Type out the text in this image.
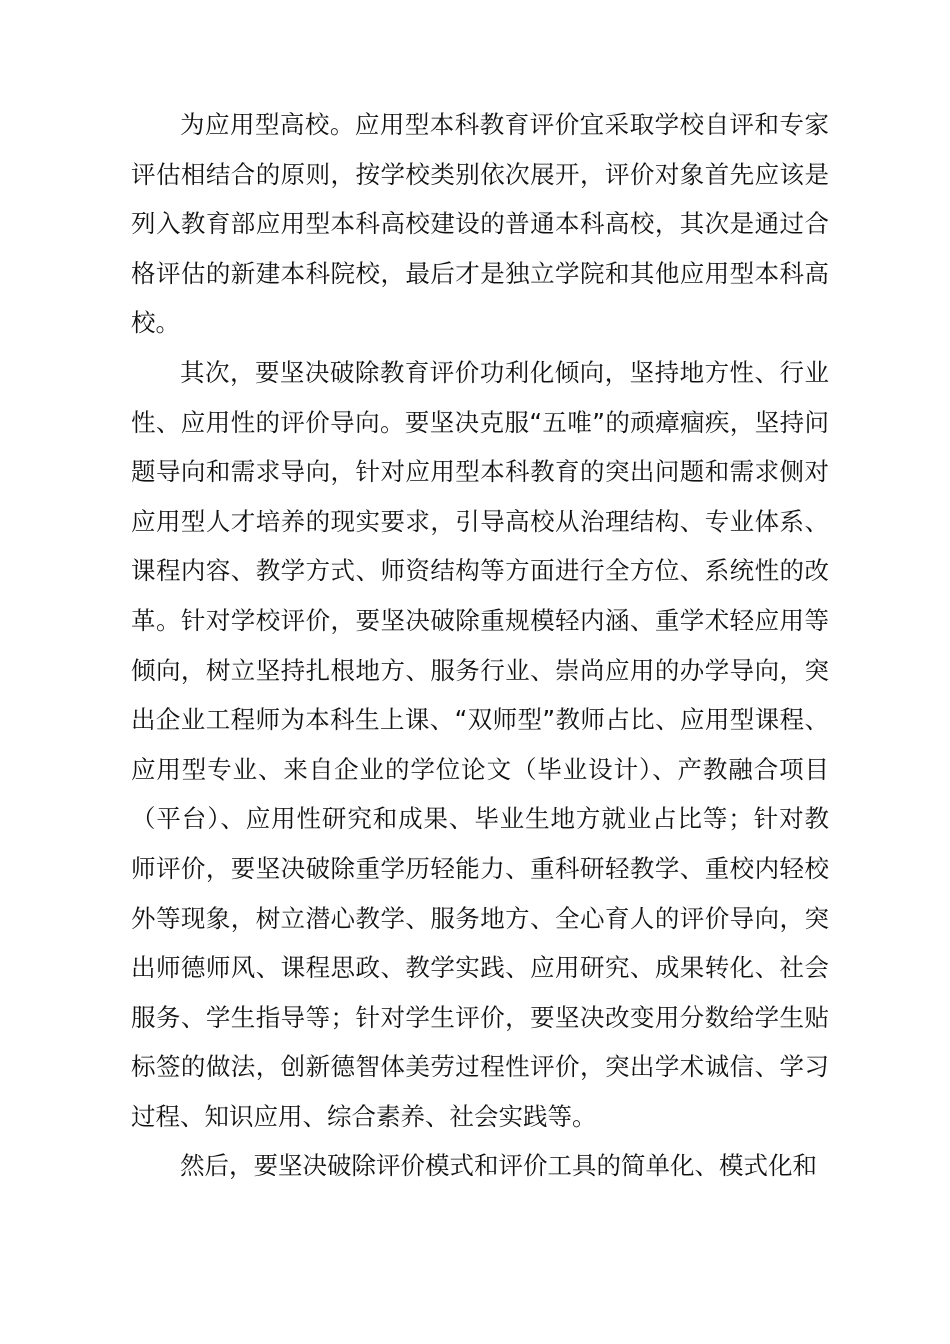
为应用型高校。应用型本科教育评价宜采取学校自评和专家评估相结合的原则，按学校类别依次展开，评价对象首先应该是列入教育部应用型本科高校建设的普通本科高校，其次是通过合格评估的新建本科院校，最后才是独立学院和其他应用型本科高校。

其次，要坚决破除教育评价功利化倾向，坚持地方性、行业性、应用性的评价导向。要坚决克服“五唯”的顽瘴痼疾，坚持问题导向和需求导向，针对应用型本科教育的突出问题和需求侧对应用型人才培养的现实要求，引导高校从治理结构、专业体系、课程内容、教学方式、师资结构等方面进行全方位、系统性的改革。针对学校评价，要坚决破除重规模轻内涵、重学术轻应用等倾向，树立坚持扎根地方、服务行业、崇尚应用的办学导向，突出企业工程师为本科生上课、“双师型”教师占比、应用型课程、应用型专业、来自企业的学位论文（毕业设计）、产教融合项目（平台）、应用性研究和成果、毕业生地方就业占比等；针对教师评价，要坚决破除重学历轻能力、重科研轻教学、重校内轻校外等现象，树立潜心教学、服务地方、全心育人的评价导向，突出师德师风、课程思政、教学实践、应用研究、成果转化、社会服务、学生指导等；针对学生评价，要坚决改变用分数给学生贴标签的做法，创新德智体美劳过程性评价，突出学术诚信、学习过程、知识应用、综合素养、社会实践等。

然后，要坚决破除评价模式和评价工具的简单化、模式化和
